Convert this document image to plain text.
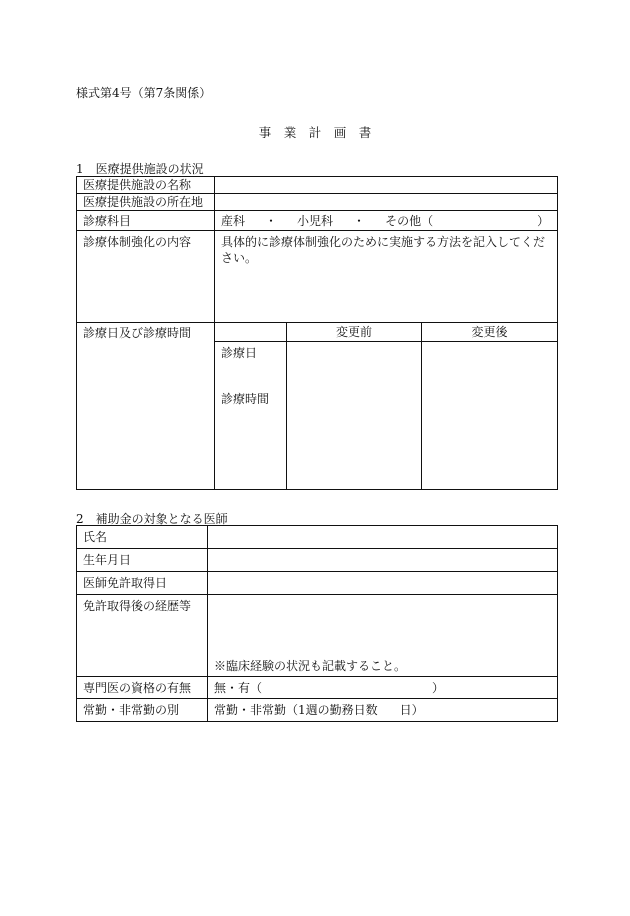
様式第4号（第7条関係）
事　業　計　画　書
1　医療提供施設の状況
医療提供施設の名称			
医療提供施設の所在地			
診療科目	産科 ・ 小児科 ・ その他（ ）		
診療体制強化の内容	具体的に診療体制強化のために実施する方法を記入してください。		
診療日及び診療時間		変更前	変更後

	診療日
診療時間		

2　補助金の対象となる医師
氏名	
生年月日	
医師免許取得日	
免許取得後の経歴等	※臨床経験の状況も記載すること。

専門医の資格の有無	無・有（ ）
常勤・非常勤の別	常勤・非常勤（1週の勤務日数 日）
